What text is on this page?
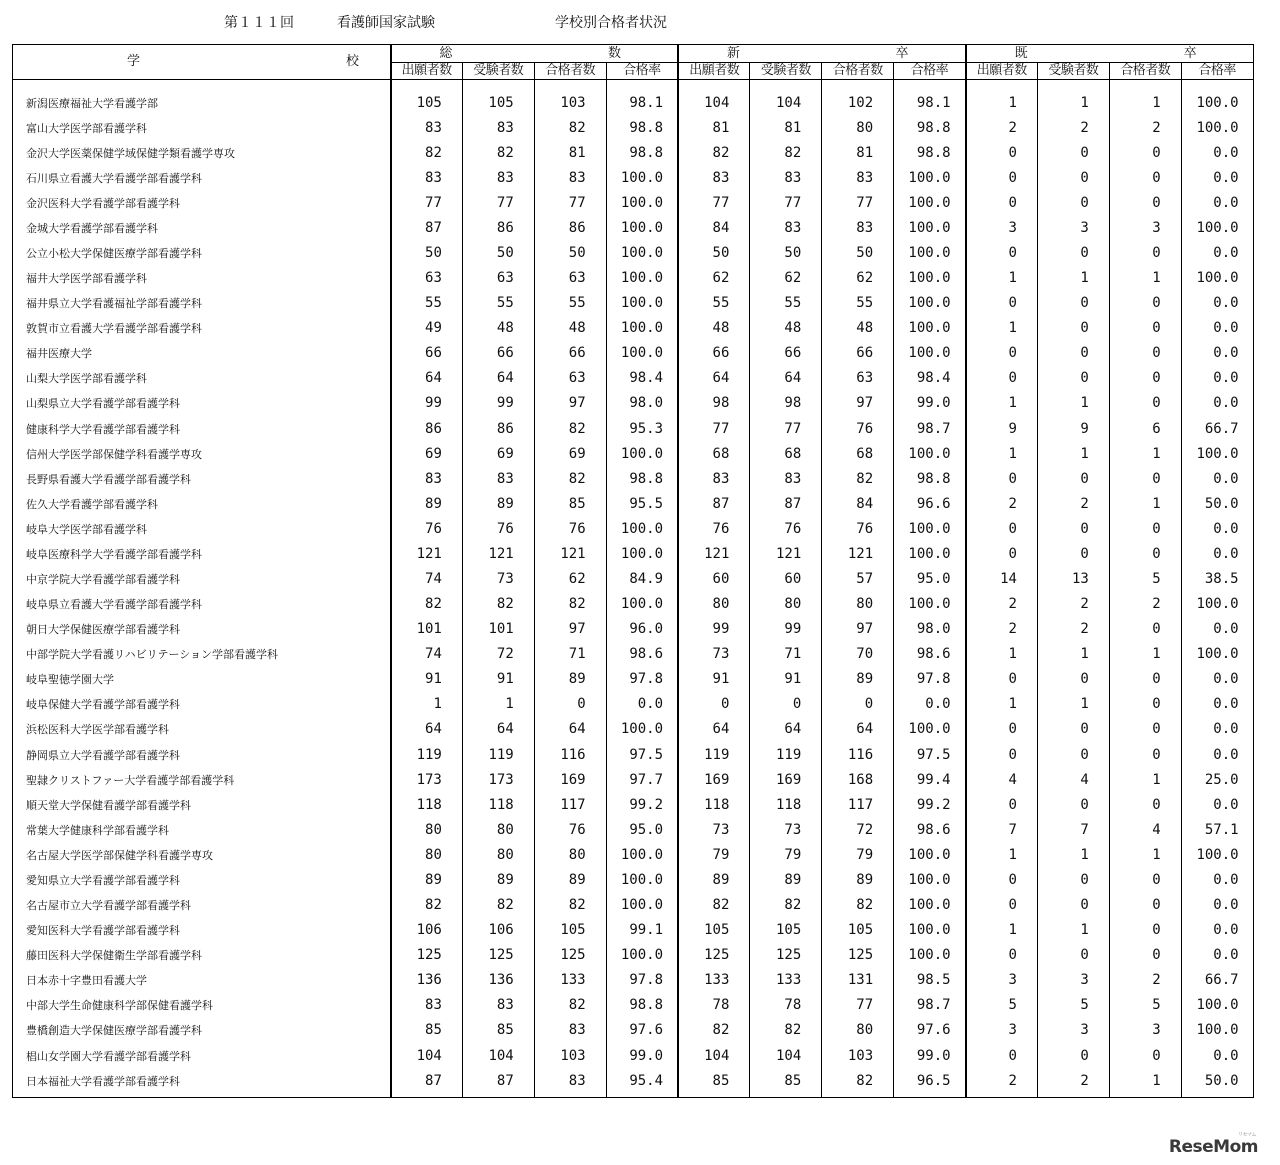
第１１１回	看護師国家試験	学校別合格者状況
学 校	総 数				新 卒				既 卒			

	出願者数	受験者数	合格者数	合格率	出願者数	受験者数	合格者数	合格率	出願者数	受験者数	合格者数	合格率
新潟医療福祉大学看護学部	105	105	103	98.1	104	104	102	98.1	1	1	1	100.0
富山大学医学部看護学科	83	83	82	98.8	81	81	80	98.8	2	2	2	100.0
金沢大学医薬保健学域保健学類看護学専攻	82	82	81	98.8	82	82	81	98.8	0	0	0	0.0
石川県立看護大学看護学部看護学科	83	83	83	100.0	83	83	83	100.0	0	0	0	0.0
金沢医科大学看護学部看護学科	77	77	77	100.0	77	77	77	100.0	0	0	0	0.0
金城大学看護学部看護学科	87	86	86	100.0	84	83	83	100.0	3	3	3	100.0
公立小松大学保健医療学部看護学科	50	50	50	100.0	50	50	50	100.0	0	0	0	0.0
福井大学医学部看護学科	63	63	63	100.0	62	62	62	100.0	1	1	1	100.0
福井県立大学看護福祉学部看護学科	55	55	55	100.0	55	55	55	100.0	0	0	0	0.0
敦賀市立看護大学看護学部看護学科	49	48	48	100.0	48	48	48	100.0	1	0	0	0.0
福井医療大学	66	66	66	100.0	66	66	66	100.0	0	0	0	0.0
山梨大学医学部看護学科	64	64	63	98.4	64	64	63	98.4	0	0	0	0.0
山梨県立大学看護学部看護学科	99	99	97	98.0	98	98	97	99.0	1	1	0	0.0
健康科学大学看護学部看護学科	86	86	82	95.3	77	77	76	98.7	9	9	6	66.7
信州大学医学部保健学科看護学専攻	69	69	69	100.0	68	68	68	100.0	1	1	1	100.0
長野県看護大学看護学部看護学科	83	83	82	98.8	83	83	82	98.8	0	0	0	0.0
佐久大学看護学部看護学科	89	89	85	95.5	87	87	84	96.6	2	2	1	50.0
岐阜大学医学部看護学科	76	76	76	100.0	76	76	76	100.0	0	0	0	0.0
岐阜医療科学大学看護学部看護学科	121	121	121	100.0	121	121	121	100.0	0	0	0	0.0
中京学院大学看護学部看護学科	74	73	62	84.9	60	60	57	95.0	14	13	5	38.5
岐阜県立看護大学看護学部看護学科	82	82	82	100.0	80	80	80	100.0	2	2	2	100.0
朝日大学保健医療学部看護学科	101	101	97	96.0	99	99	97	98.0	2	2	0	0.0
中部学院大学看護リハビリテーション学部看護学科	74	72	71	98.6	73	71	70	98.6	1	1	1	100.0
岐阜聖徳学園大学	91	91	89	97.8	91	91	89	97.8	0	0	0	0.0
岐阜保健大学看護学部看護学科	1	1	0	0.0	0	0	0	0.0	1	1	0	0.0
浜松医科大学医学部看護学科	64	64	64	100.0	64	64	64	100.0	0	0	0	0.0
静岡県立大学看護学部看護学科	119	119	116	97.5	119	119	116	97.5	0	0	0	0.0
聖隷クリストファー大学看護学部看護学科	173	173	169	97.7	169	169	168	99.4	4	4	1	25.0
順天堂大学保健看護学部看護学科	118	118	117	99.2	118	118	117	99.2	0	0	0	0.0
常葉大学健康科学部看護学科	80	80	76	95.0	73	73	72	98.6	7	7	4	57.1
名古屋大学医学部保健学科看護学専攻	80	80	80	100.0	79	79	79	100.0	1	1	1	100.0
愛知県立大学看護学部看護学科	89	89	89	100.0	89	89	89	100.0	0	0	0	0.0
名古屋市立大学看護学部看護学科	82	82	82	100.0	82	82	82	100.0	0	0	0	0.0
愛知医科大学看護学部看護学科	106	106	105	99.1	105	105	105	100.0	1	1	0	0.0
藤田医科大学保健衛生学部看護学科	125	125	125	100.0	125	125	125	100.0	0	0	0	0.0
日本赤十字豊田看護大学	136	136	133	97.8	133	133	131	98.5	3	3	2	66.7
中部大学生命健康科学部保健看護学科	83	83	82	98.8	78	78	77	98.7	5	5	5	100.0
豊橋創造大学保健医療学部看護学科	85	85	83	97.6	82	82	80	97.6	3	3	3	100.0
椙山女学園大学看護学部看護学科	104	104	103	99.0	104	104	103	99.0	0	0	0	0.0
日本福祉大学看護学部看護学科	87	87	83	95.4	85	85	82	96.5	2	2	1	50.0
リセマム
ReseMom
